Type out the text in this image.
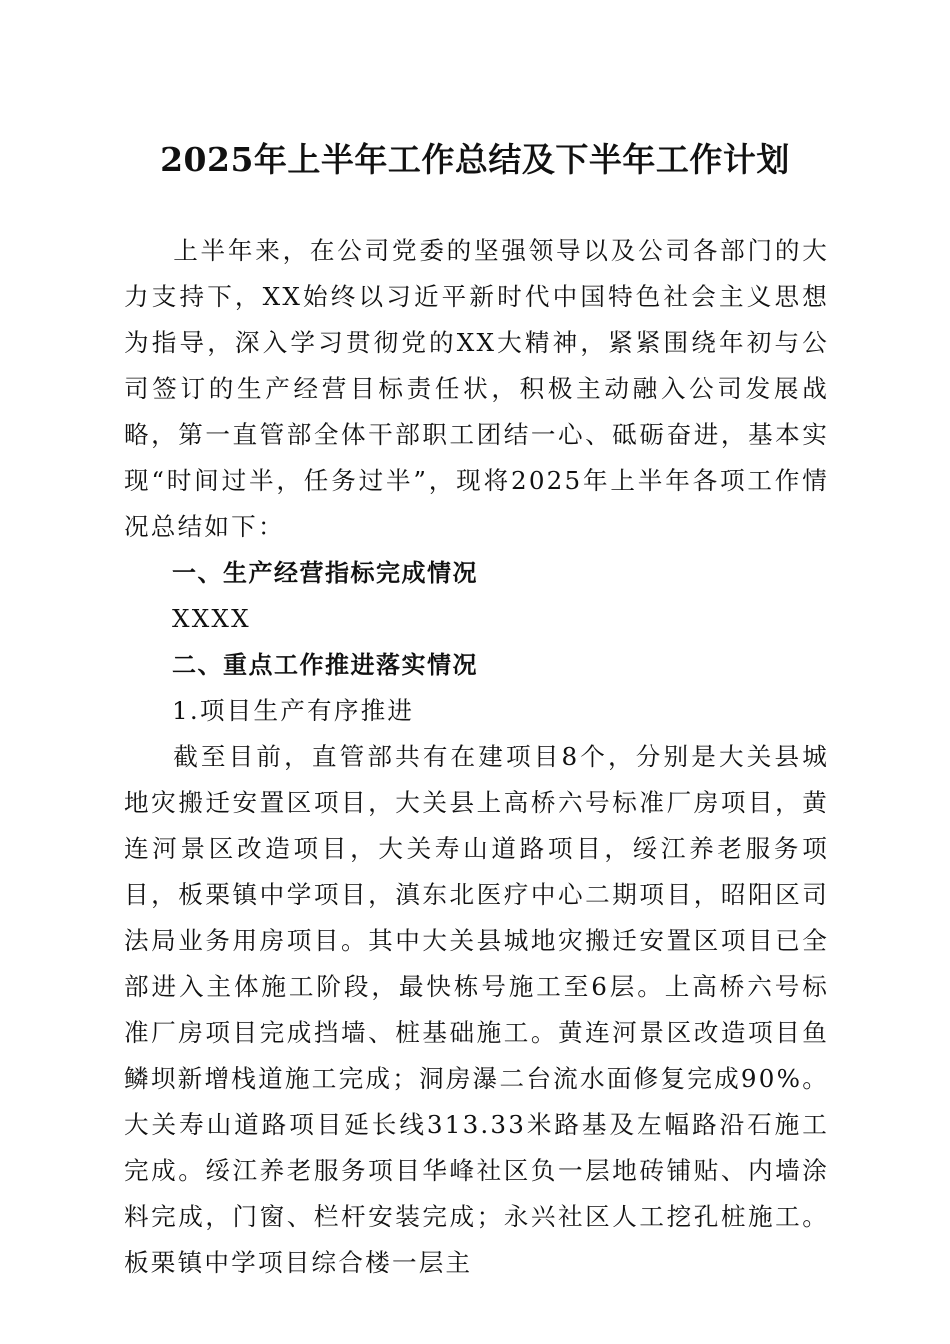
2025年上半年工作总结及下半年工作计划

上半年来，在公司党委的坚强领导以及公司各部门的大力支持下，XX始终以习近平新时代中国特色社会主义思想为指导，深入学习贯彻党的XX大精神，紧紧围绕年初与公司签订的生产经营目标责任状，积极主动融入公司发展战略，第一直管部全体干部职工团结一心、砥砺奋进，基本实现“时间过半，任务过半”，现将2025年上半年各项工作情况总结如下：

一、生产经营指标完成情况

XXXX

二、重点工作推进落实情况

1.项目生产有序推进

截至目前，直管部共有在建项目8个，分别是大关县城地灾搬迁安置区项目，大关县上高桥六号标准厂房项目，黄连河景区改造项目，大关寿山道路项目，绥江养老服务项目，板栗镇中学项目，滇东北医疗中心二期项目，昭阳区司法局业务用房项目。其中大关县城地灾搬迁安置区项目已全部进入主体施工阶段，最快栋号施工至6层。上高桥六号标准厂房项目完成挡墙、桩基础施工。黄连河景区改造项目鱼鳞坝新增栈道施工完成；洞房瀑二台流水面修复完成90%。大关寿山道路项目延长线313.33米路基及左幅路沿石施工完成。绥江养老服务项目华峰社区负一层地砖铺贴、内墙涂料完成，门窗、栏杆安装完成；永兴社区人工挖孔桩施工。板栗镇中学项目综合楼一层主
